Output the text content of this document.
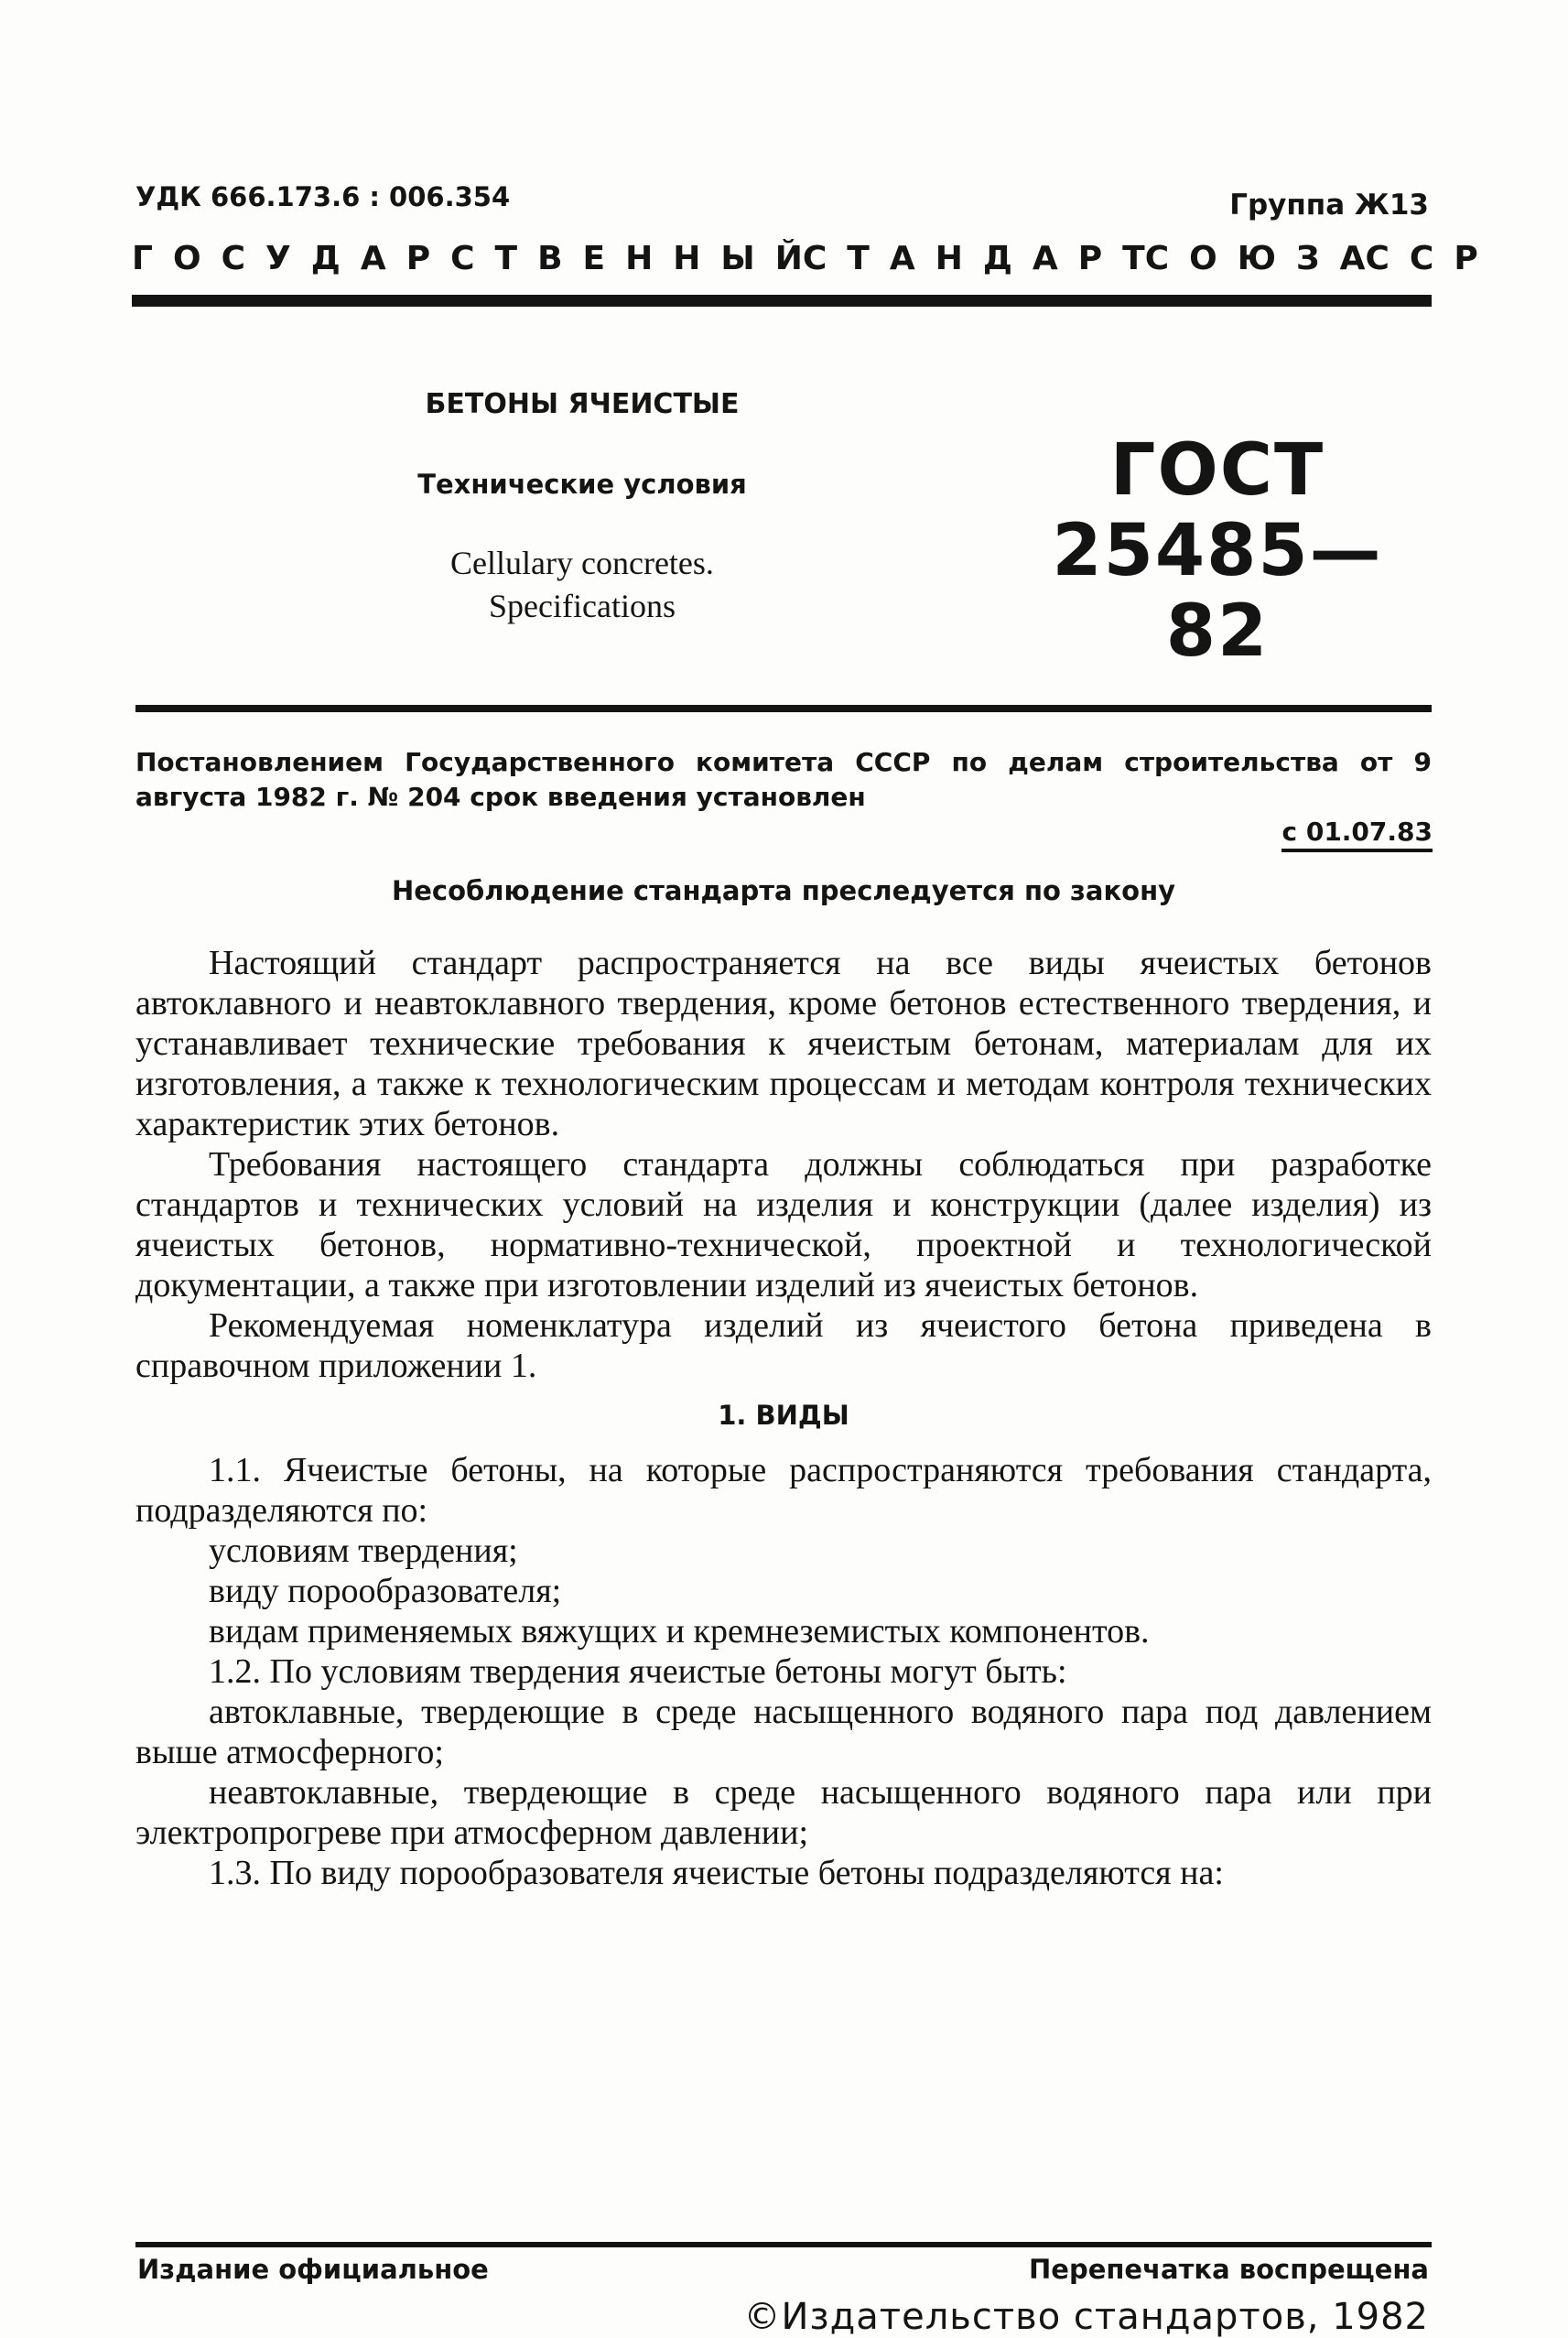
УДК 666.173.6 : 006.354	Группа Ж13
Г О С У Д А Р С Т В Е Н Н Ы Й С Т А Н Д А Р Т С О Ю З А С С Р
БЕТОНЫ ЯЧЕИСТЫЕ
Технические условия
Cellulary concretes.
Specifications
ГОСТ
25485—82
Постановлением Государственного комитета СССР по делам строительства от 9 августа 1982 г. № 204 срок введения установлен
с 01.07.83
Несоблюдение стандарта преследуется по закону

Настоящий стандарт распространяется на все виды ячеистых бетонов автоклавного и неавтоклавного твердения, кроме бетонов естественного твердения, и устанавливает технические требования к ячеистым бетонам, материалам для их изготовления, а также к технологическим процессам и методам контроля технических характеристик этих бетонов.

Требования настоящего стандарта должны соблюдаться при разработке стандартов и технических условий на изделия и конструкции (далее изделия) из ячеистых бетонов, нормативно-технической, проектной и технологической документации, а также при изготовлении изделий из ячеистых бетонов.

Рекомендуемая номенклатура изделий из ячеистого бетона приведена в справочном приложении 1.

1. ВИДЫ

1.1. Ячеистые бетоны, на которые распространяются требования стандарта, подразделяются по:

условиям твердения;

виду порообразователя;

видам применяемых вяжущих и кремнеземистых компонентов.

1.2. По условиям твердения ячеистые бетоны могут быть:

автоклавные, твердеющие в среде насыщенного водяного пара под давлением выше атмосферного;

неавтоклавные, твердеющие в среде насыщенного водяного пара или при электропрогреве при атмосферном давлении;

1.3. По виду порообразователя ячеистые бетоны подразделяются на:

Издание официальное	Перепечатка воспрещена
©Издательство стандартов, 1982
